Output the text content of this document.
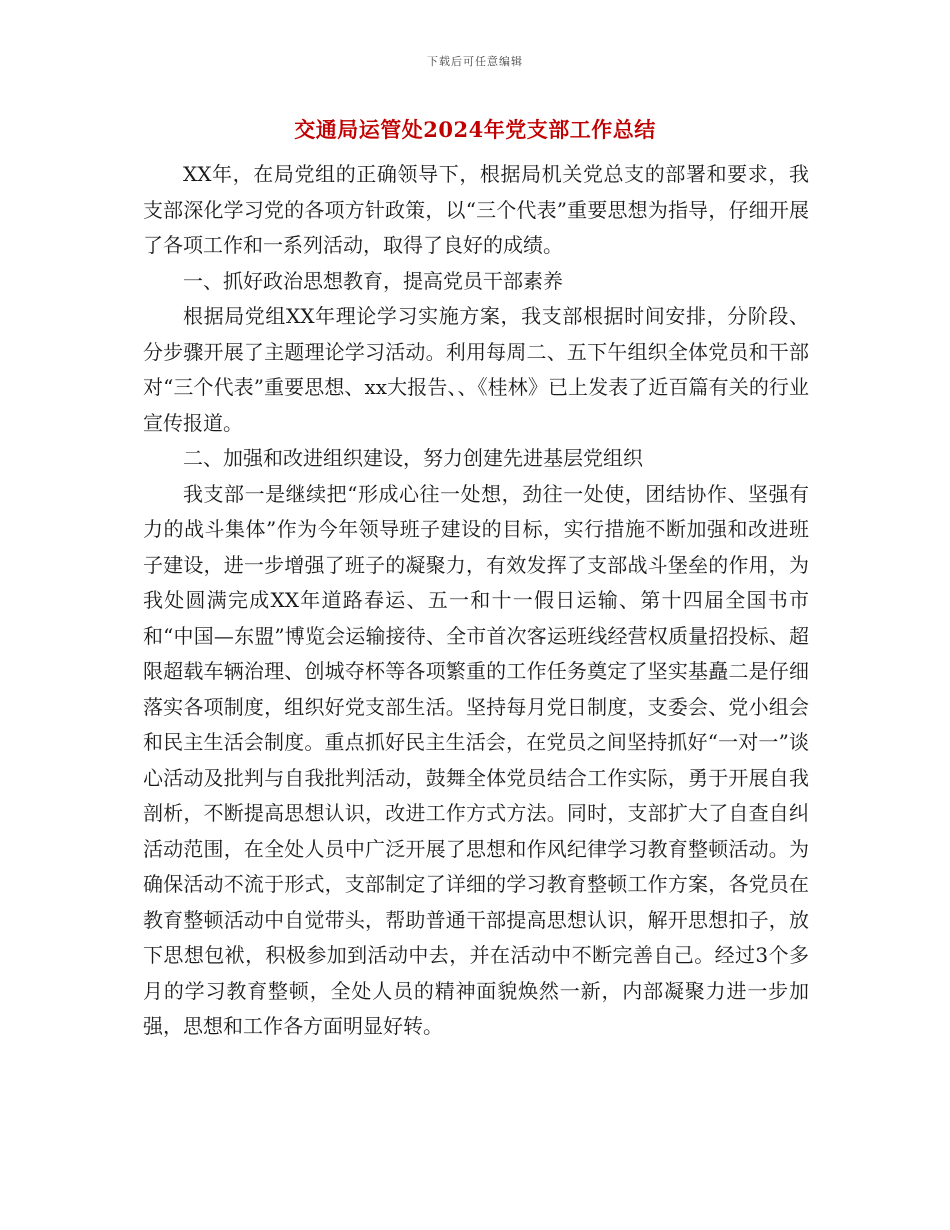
下载后可任意编辑
交通局运管处2024年党支部工作总结

XX年，在局党组的正确领导下，根据局机关党总支的部署和要求，我支部深化学习党的各项方针政策，以“三个代表”重要思想为指导，仔细开展了各项工作和一系列活动，取得了良好的成绩。

一、抓好政治思想教育，提高党员干部素养

根据局党组XX年理论学习实施方案，我支部根据时间安排，分阶段、分步骤开展了主题理论学习活动。利用每周二、五下午组织全体党员和干部对“三个代表”重要思想、xx大报告、、《桂林》已上发表了近百篇有关的行业宣传报道。

二、加强和改进组织建设，努力创建先进基层党组织

我支部一是继续把“形成心往一处想，劲往一处使，团结协作、坚强有力的战斗集体”作为今年领导班子建设的目标，实行措施不断加强和改进班子建设，进一步增强了班子的凝聚力，有效发挥了支部战斗堡垒的作用，为我处圆满完成XX年道路春运、五一和十一假日运输、第十四届全国书市和“中国—东盟”博览会运输接待、全市首次客运班线经营权质量招投标、超限超载车辆治理、创城夺杯等各项繁重的工作任务奠定了坚实基矗二是仔细落实各项制度，组织好党支部生活。坚持每月党日制度，支委会、党小组会和民主生活会制度。重点抓好民主生活会，在党员之间坚持抓好“一对一”谈心活动及批判与自我批判活动，鼓舞全体党员结合工作实际，勇于开展自我剖析，不断提高思想认识，改进工作方式方法。同时，支部扩大了自查自纠活动范围，在全处人员中广泛开展了思想和作风纪律学习教育整顿活动。为确保活动不流于形式，支部制定了详细的学习教育整顿工作方案，各党员在教育整顿活动中自觉带头，帮助普通干部提高思想认识，解开思想扣子，放下思想包袱，积极参加到活动中去，并在活动中不断完善自己。经过3个多月的学习教育整顿，全处人员的精神面貌焕然一新，内部凝聚力进一步加强，思想和工作各方面明显好转。
